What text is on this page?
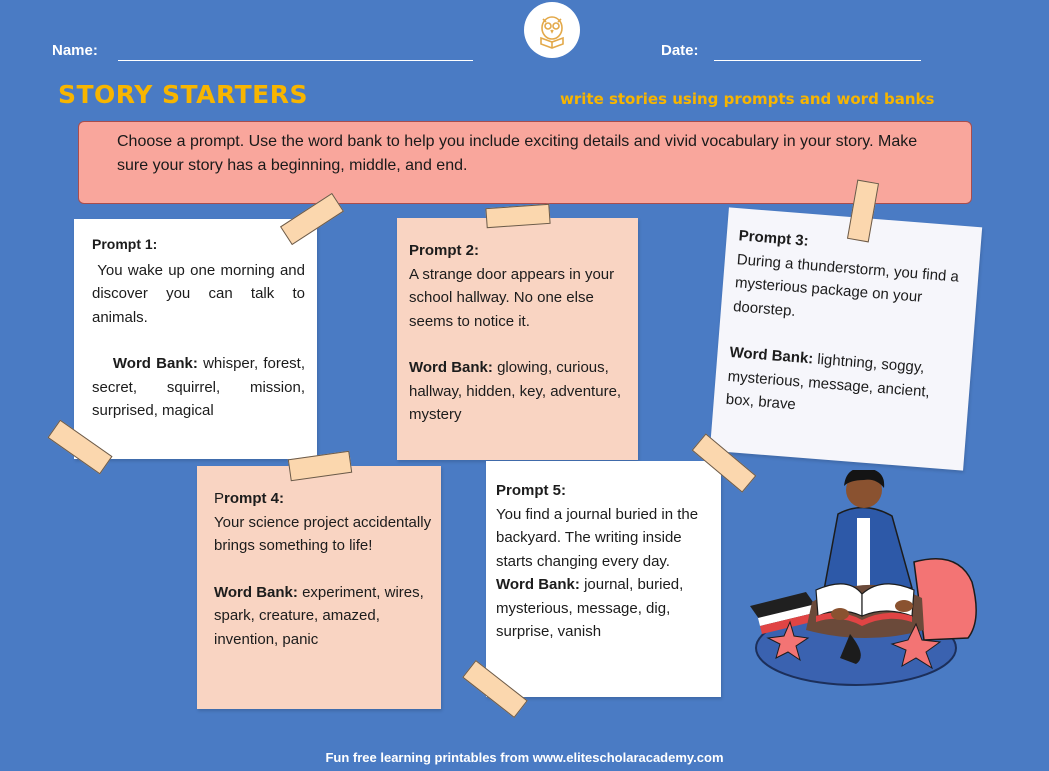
Name:	Date:
STORY STARTERS	write stories using prompts and word banks
Choose a prompt. Use the word bank to help you include exciting details and vivid vocabulary in your story. Make sure your story has a beginning, middle, and end.
Prompt 1:
You wake up one morning and discover you can talk to animals.
Word Bank: whisper, forest, secret, squirrel, mission, surprised, magical
Prompt 2:
A strange door appears in your school hallway. No one else seems to notice it.
Word Bank: glowing, curious, hallway, hidden, key, adventure, mystery
Prompt 3:
During a thunderstorm, you find a mysterious package on your doorstep.
Word Bank: lightning, soggy, mysterious, message, ancient, box, brave
Prompt 4:
Your science project accidentally brings something to life!
Word Bank: experiment, wires, spark, creature, amazed, invention, panic
Prompt 5:
You find a journal buried in the backyard. The writing inside starts changing every day.
Word Bank: journal, buried, mysterious, message, dig, surprise, vanish
Fun free learning printables from www.elitescholaracademy.com
